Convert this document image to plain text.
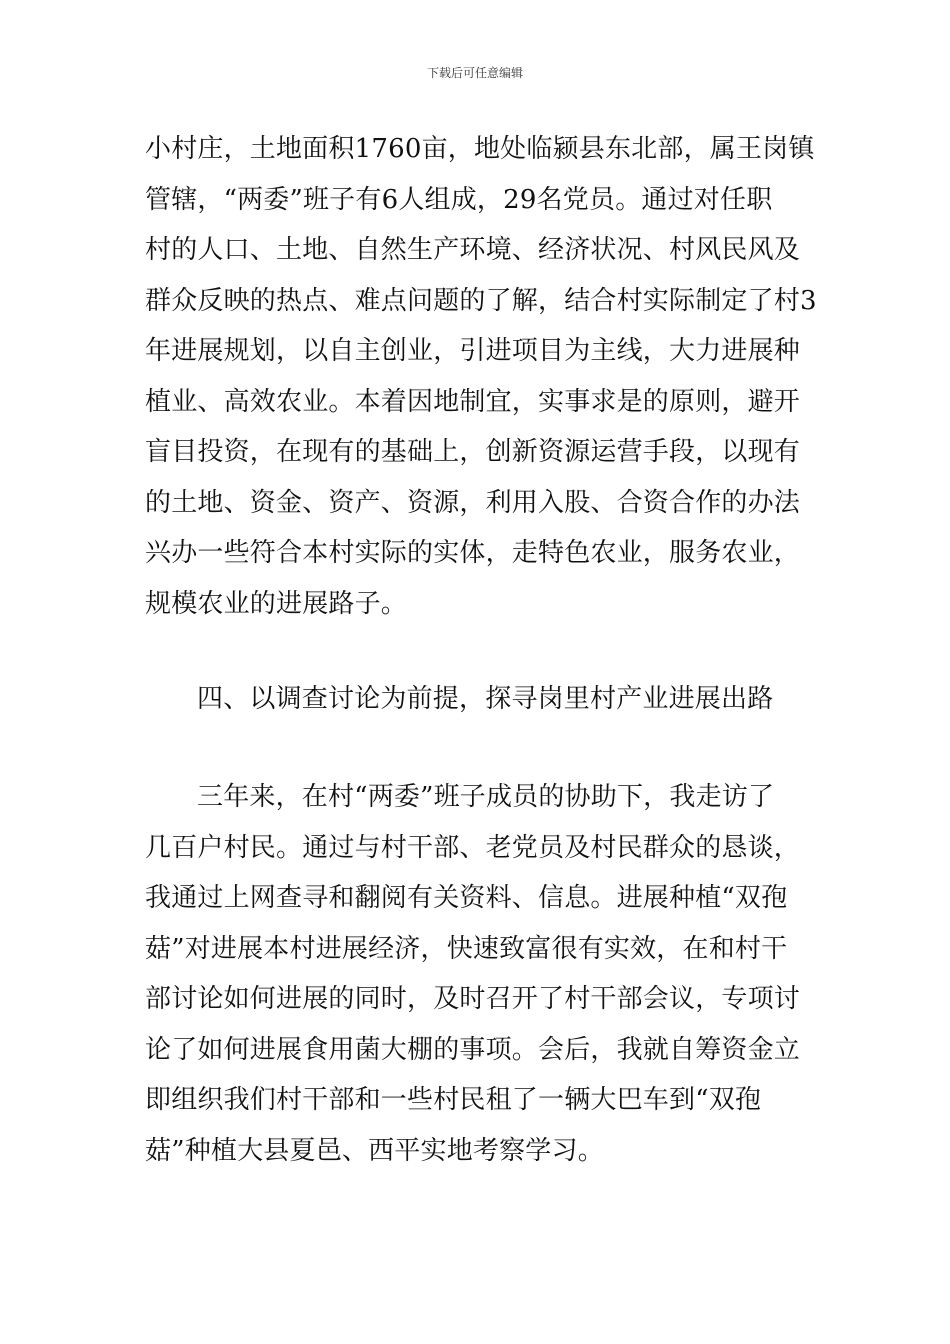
下载后可任意编辑
小村庄，土地面积1760亩，地处临颍县东北部，属王岗镇
管辖，“两委”班子有6人组成，29名党员。通过对任职
村的人口、土地、自然生产环境、经济状况、村风民风及
群众反映的热点、难点问题的了解，结合村实际制定了村3
年进展规划，以自主创业，引进项目为主线，大力进展种
植业、高效农业。本着因地制宜，实事求是的原则，避开
盲目投资，在现有的基础上，创新资源运营手段，以现有
的土地、资金、资产、资源，利用入股、合资合作的办法
兴办一些符合本村实际的实体，走特色农业，服务农业，
规模农业的进展路子。
四、以调查讨论为前提，探寻岗里村产业进展出路
三年来，在村“两委”班子成员的协助下，我走访了
几百户村民。通过与村干部、老党员及村民群众的恳谈，
我通过上网查寻和翻阅有关资料、信息。进展种植“双孢
菇”对进展本村进展经济，快速致富很有实效，在和村干
部讨论如何进展的同时，及时召开了村干部会议，专项讨
论了如何进展食用菌大棚的事项。会后，我就自筹资金立
即组织我们村干部和一些村民租了一辆大巴车到“双孢
菇”种植大县夏邑、西平实地考察学习。
